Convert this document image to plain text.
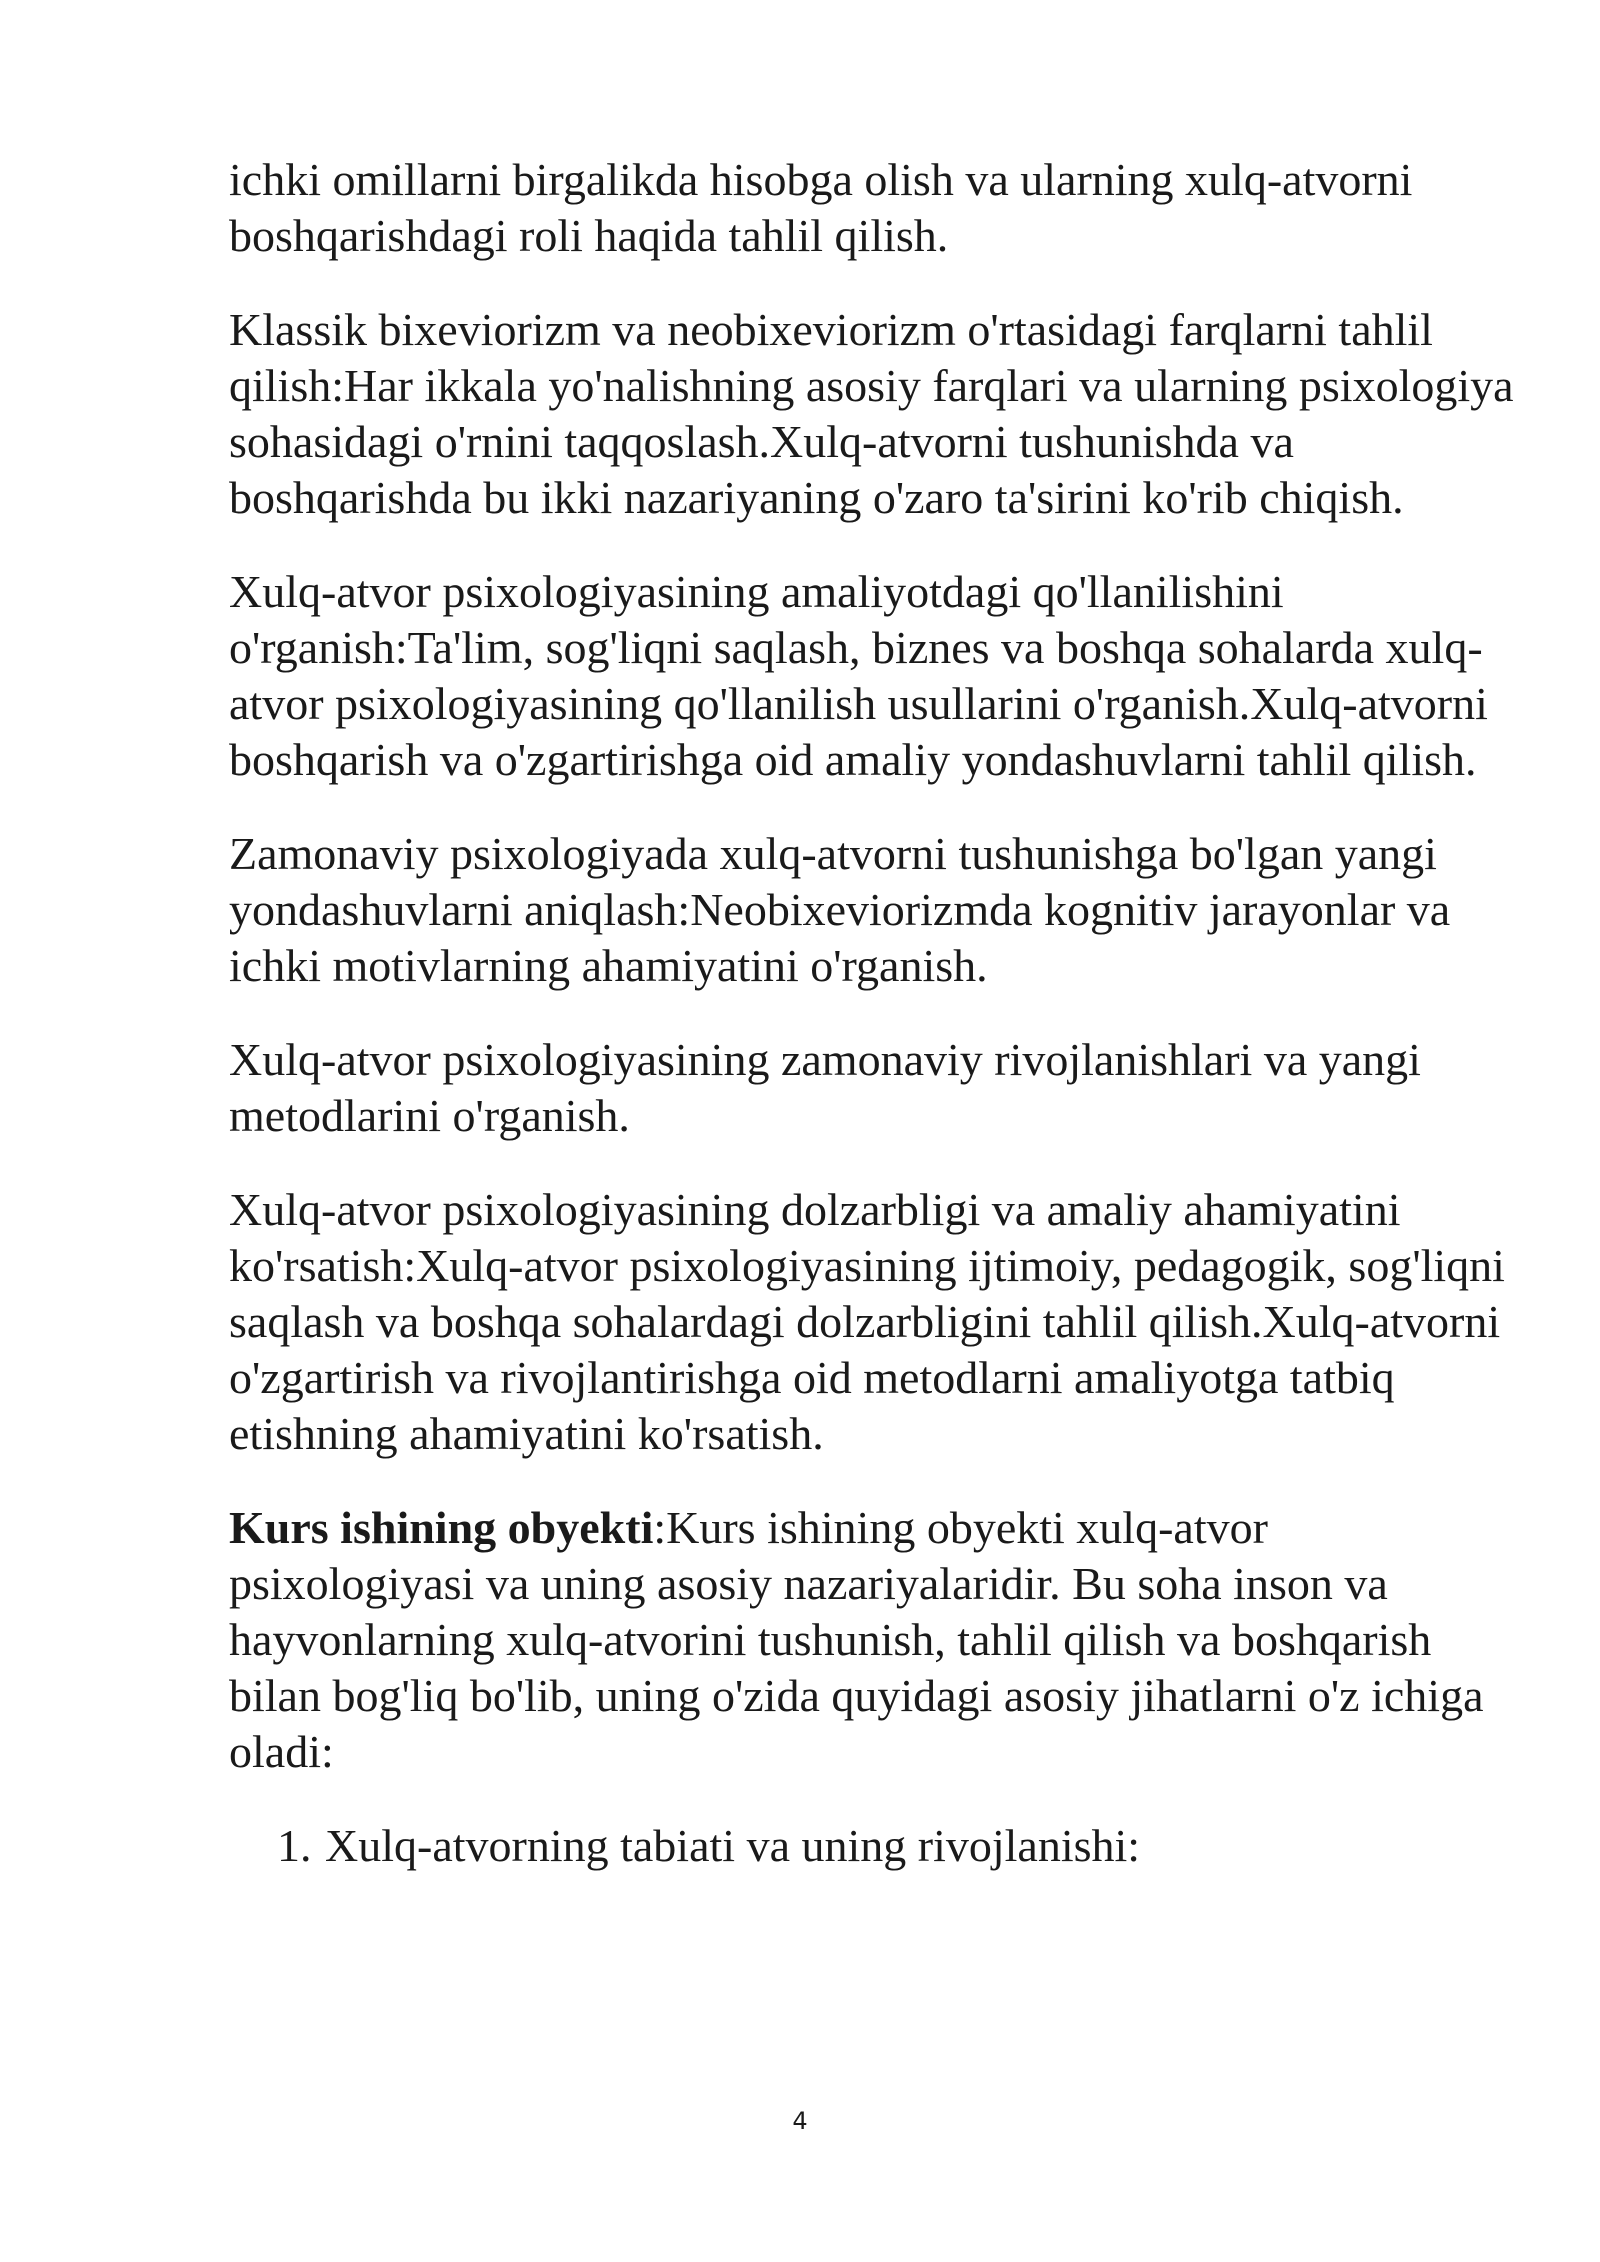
ichki omillarni birgalikda hisobga olish va ularning xulq-atvorni boshqarishdagi roli haqida tahlil qilish.

Klassik bixeviorizm va neobixeviorizm o'rtasidagi farqlarni tahlil qilish:Har ikkala yo'nalishning asosiy farqlari va ularning psixologiya sohasidagi o'rnini taqqoslash.Xulq-atvorni tushunishda va boshqarishda bu ikki nazariyaning o'zaro ta'sirini ko'rib chiqish.

Xulq-atvor psixologiyasining amaliyotdagi qo'llanilishini o'rganish:Ta'lim, sog'liqni saqlash, biznes va boshqa sohalarda xulq-atvor psixologiyasining qo'llanilish usullarini o'rganish.Xulq-atvorni boshqarish va o'zgartirishga oid amaliy yondashuvlarni tahlil qilish.

Zamonaviy psixologiyada xulq-atvorni tushunishga bo'lgan yangi yondashuvlarni aniqlash:Neobixeviorizmda kognitiv jarayonlar va ichki motivlarning ahamiyatini o'rganish.

Xulq-atvor psixologiyasining zamonaviy rivojlanishlari va yangi metodlarini o'rganish.

Xulq-atvor psixologiyasining dolzarbligi va amaliy ahamiyatini ko'rsatish:Xulq-atvor psixologiyasining ijtimoiy, pedagogik, sog'liqni saqlash va boshqa sohalardagi dolzarbligini tahlil qilish.Xulq-atvorni o'zgartirish va rivojlantirishga oid metodlarni amaliyotga tatbiq etishning ahamiyatini ko'rsatish.

Kurs ishining obyekti:Kurs ishining obyekti xulq-atvor psixologiyasi va uning asosiy nazariyalaridir. Bu soha inson va hayvonlarning xulq-atvorini tushunish, tahlil qilish va boshqarish bilan bog'liq bo'lib, uning o'zida quyidagi asosiy jihatlarni o'z ichiga oladi:

1. Xulq-atvorning tabiati va uning rivojlanishi:
4
